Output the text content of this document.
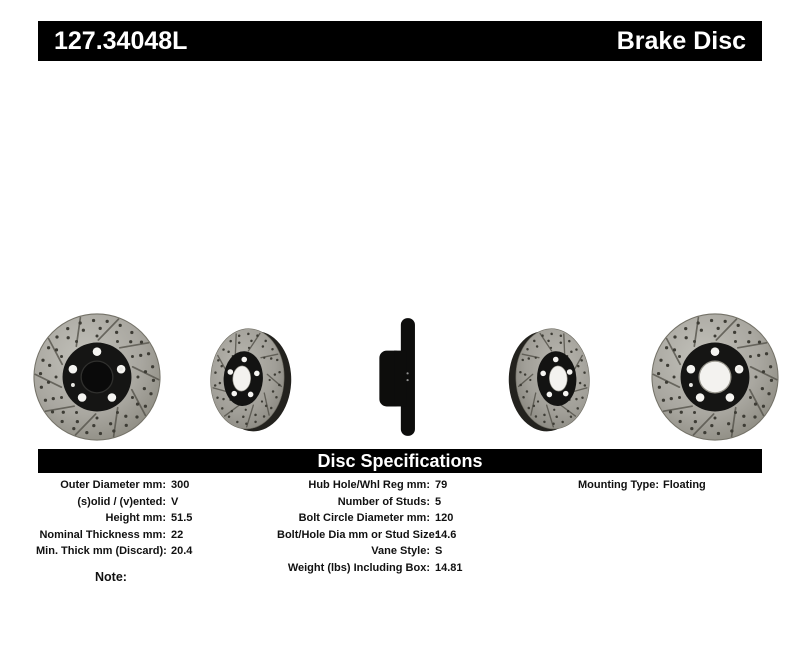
127.34048L	Brake Disc
Disc Specifications
Outer Diameter mm: 300
(s)olid / (v)ented: V
Height mm: 51.5
Nominal Thickness mm: 22
Min. Thick mm (Discard): 20.4
Hub Hole/Whl Reg mm: 79
Number of Studs: 5
Bolt Circle Diameter mm: 120
Bolt/Hole Dia mm or Stud Size:
14.6
Vane Style: S
Weight (lbs) Including Box: 14.81
Mounting Type: Floating
Note:
